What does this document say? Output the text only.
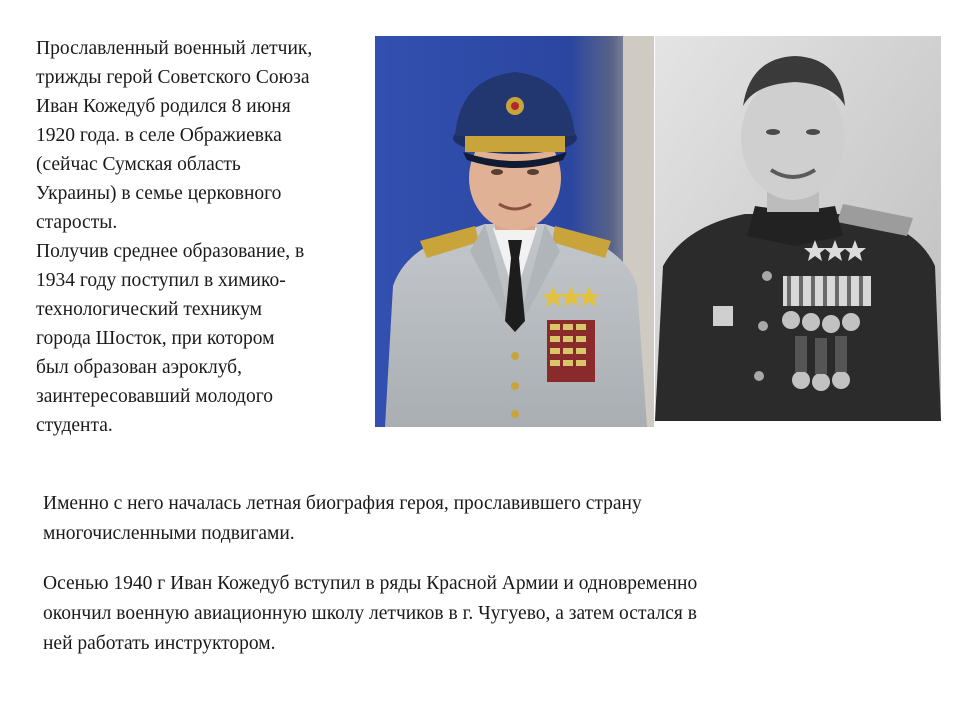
Прославленный военный летчик,

трижды герой Советского Союза

Иван Кожедуб родился 8 июня

1920 года. в селе Ображиевка

(сейчас Сумская область

Украины) в семье церковного

старосты.

Получив среднее образование, в

1934 году поступил в химико-

технологический техникум

города Шосток, при котором

был образован аэроклуб,

заинтересовавший молодого

студента.

Именно с него началась летная биография героя, прославившего страну
многочисленными подвигами.
Осенью 1940 г Иван Кожедуб вступил в ряды Красной Армии и одновременно
окончил военную авиационную школу летчиков в г. Чугуево, а затем остался в
ней работать инструктором.
